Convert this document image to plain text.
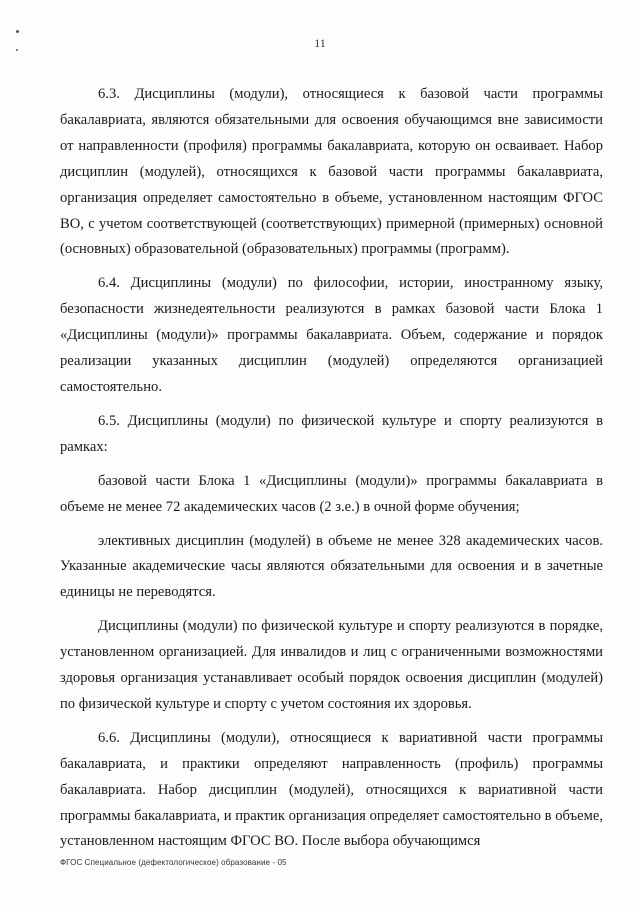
11

6.3. Дисциплины (модули), относящиеся к базовой части программы бакалавриата, являются обязательными для освоения обучающимся вне зависимости от направленности (профиля) программы бакалавриата, которую он осваивает. Набор дисциплин (модулей), относящихся к базовой части программы бакалавриата, организация определяет самостоятельно в объеме, установленном настоящим ФГОС ВО, с учетом соответствующей (соответствующих) примерной (примерных) основной (основных) образовательной (образовательных) программы (программ).

6.4. Дисциплины (модули) по философии, истории, иностранному языку, безопасности жизнедеятельности реализуются в рамках базовой части Блока 1 «Дисциплины (модули)» программы бакалавриата. Объем, содержание и порядок реализации указанных дисциплин (модулей) определяются организацией самостоятельно.

6.5. Дисциплины (модули) по физической культуре и спорту реализуются в рамках:

базовой части Блока 1 «Дисциплины (модули)» программы бакалавриата в объеме не менее 72 академических часов (2 з.е.) в очной форме обучения;

элективных дисциплин (модулей) в объеме не менее 328 академических часов. Указанные академические часы являются обязательными для освоения и в зачетные единицы не переводятся.

Дисциплины (модули) по физической культуре и спорту реализуются в порядке, установленном организацией. Для инвалидов и лиц с ограниченными возможностями здоровья организация устанавливает особый порядок освоения дисциплин (модулей) по физической культуре и спорту с учетом состояния их здоровья.

6.6. Дисциплины (модули), относящиеся к вариативной части программы бакалавриата, и практики определяют направленность (профиль) программы бакалавриата. Набор дисциплин (модулей), относящихся к вариативной части программы бакалавриата, и практик организация определяет самостоятельно в объеме, установленном настоящим ФГОС ВО. После выбора обучающимся

ФГОС Специальное (дефектологическое) образование - 05
